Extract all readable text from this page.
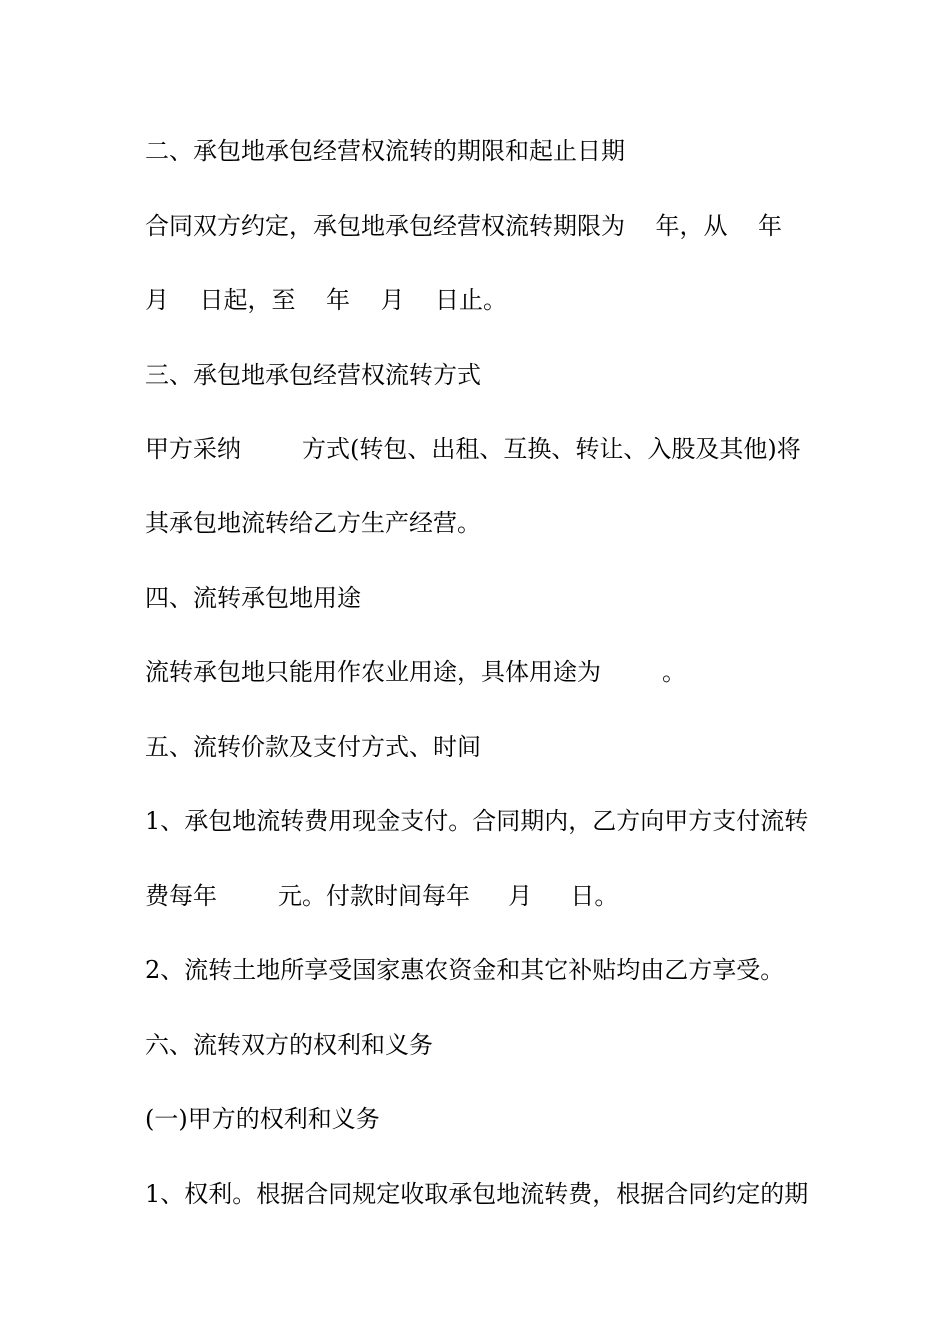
二、承包地承包经营权流转的期限和起止日期
合同双方约定，承包地承包经营权流转期限为    年，从    年
月    日起，至    年    月    日止。
三、承包地承包经营权流转方式
甲方采纳        方式(转包、出租、互换、转让、入股及其他)将
其承包地流转给乙方生产经营。
四、流转承包地用途
流转承包地只能用作农业用途，具体用途为        。
五、流转价款及支付方式、时间
1、承包地流转费用现金支付。合同期内，乙方向甲方支付流转
费每年        元。付款时间每年     月     日。
2、流转土地所享受国家惠农资金和其它补贴均由乙方享受。
六、流转双方的权利和义务
(一)甲方的权利和义务
1、权利。根据合同规定收取承包地流转费，根据合同约定的期
